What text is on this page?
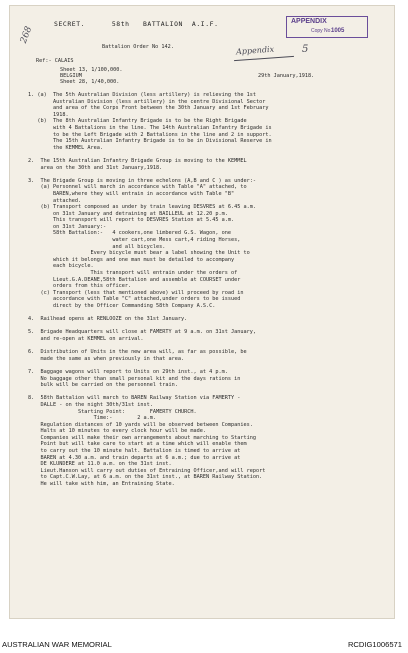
SECRET.      58th   BATTALION  A.I.F.	APPENDIX
Copy No. 1005
268
Appendix	5
Battalion Order No 142.
Ref:- CALAIS
Sheet 13, 1/100,000.
BELGIUM	29th January,1918.
Sheet 28, 1/40,000.
1. (a)  The 5th Australian Division (less artillery) is relieving the 1st
Australian Division (less artillery) in the centre Divisional Sector
and area of the Corps Front between the 30th January and 1st February
1918.
(b)  The 8th Australian Infantry Brigade is to be the Right Brigade
with 4 Battalions in the line. The 14th Australian Infantry Brigade is
to be the Left Brigade with 2 Battalions in the line and 2 in support.
The 15th Australian Infantry Brigade is to be in Divisional Reserve in
the KEMMEL Area.

2.  The 15th Australian Infantry Brigade Group is moving to the KEMMEL
area on the 30th and 31st January,1918.

3.  The Brigade Group is moving in three echelons (A,B and C ) as under:-
(a) Personnel will march in accordance with Table "A" attached, to
BAREN,where they will entrain in accordance with Table "B"
attached.
(b) Transport composed as under by train leaving DESVRES at 6.45 a.m.
on 31st January and detraining at BAILLEUL at 12.20 p.m.
This transport will report to DESVRES Station at 5.45 a.m.
on 31st January:-
58th Battalion:-   4 cookers,one limbered G.S. Wagon, one
water cart,one Mess cart,4 riding Horses,
and all bicycles.
Every bicycle must bear a label showing the Unit to
which it belongs and one man must be detailed to accompany
each bicycle.
This transport will entrain under the orders of
Lieut.G.A.DEANE,58th Battalion and assemble at COURSET under
orders from this officer.
(c) Transport (less that mentioned above) will proceed by road in
accordance with Table "C" attached,under orders to be issued
direct by the Officer Commanding 58th Company A.S.C.

4.  Railhead opens at RENLOOZE on the 31st January.

5.  Brigade Headquarters will close at FAMERTY at 9 a.m. on 31st January,
and re-open at KEMMEL on arrival.

6.  Distribution of Units in the new area will, as far as possible, be
made the same as when previously in that area.

7.  Baggage wagons will report to Units on 29th inst., at 4 p.m.
No baggage other than small personal kit and the days rations in
bulk will be carried on the personnel train.

8.  58th Battalion will march to BAREN Railway Station via FAMERTY -
DALLE - on the night 30th/31st inst.
Starting Point:        FAMERTY CHURCH.
Time:-        2 a.m.
Regulation distances of 10 yards will be observed between Companies.
Halts at 10 minutes to every clock hour will be made.
Companies will make their own arrangements about marching to Starting
Point but will take care to start at a time which will enable them
to carry out the 10 minute halt. Battalion is timed to arrive at
BAREN at 4.30 a.m. and train departs at 6 a.m.; due to arrive at
DE KLUNDERE at 11.0 a.m. on the 31st inst.
Lieut.Hanson will carry out duties of Entraining Officer,and will report
to Capt.C.W.Lay, at 6 a.m. on the 31st inst., at BAREN Railway Station.
He will take with him, an Entraining State.
AUSTRALIAN WAR MEMORIAL	RCDIG1006571
